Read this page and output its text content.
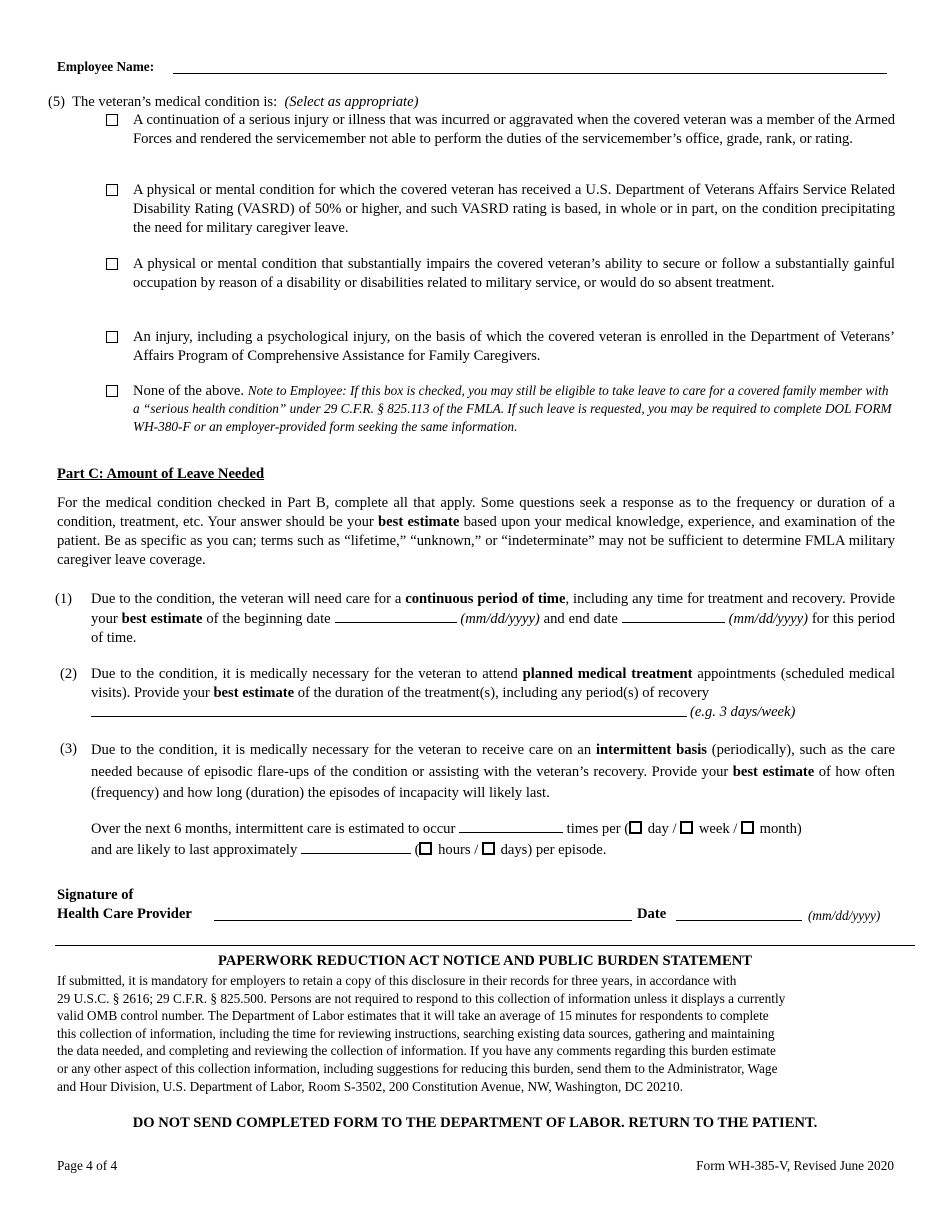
Employee Name:
(5) The veteran’s medical condition is: (Select as appropriate)
A continuation of a serious injury or illness that was incurred or aggravated when the covered veteran was a member of the Armed Forces and rendered the servicemember not able to perform the duties of the servicemember’s office, grade, rank, or rating.
A physical or mental condition for which the covered veteran has received a U.S. Department of Veterans Affairs Service Related Disability Rating (VASRD) of 50% or higher, and such VASRD rating is based, in whole or in part, on the condition precipitating the need for military caregiver leave.
A physical or mental condition that substantially impairs the covered veteran’s ability to secure or follow a substantially gainful occupation by reason of a disability or disabilities related to military service, or would do so absent treatment.
An injury, including a psychological injury, on the basis of which the covered veteran is enrolled in the Department of Veterans’ Affairs Program of Comprehensive Assistance for Family Caregivers.
None of the above. Note to Employee: If this box is checked, you may still be eligible to take leave to care for a covered family member with a “serious health condition” under 29 C.F.R. § 825.113 of the FMLA. If such leave is requested, you may be required to complete DOL FORM WH-380-F or an employer-provided form seeking the same information.
Part C: Amount of Leave Needed
For the medical condition checked in Part B, complete all that apply. Some questions seek a response as to the frequency or duration of a condition, treatment, etc. Your answer should be your best estimate based upon your medical knowledge, experience, and examination of the patient. Be as specific as you can; terms such as “lifetime,” “unknown,” or “indeterminate” may not be sufficient to determine FMLA military caregiver leave coverage.
(1) Due to the condition, the veteran will need care for a continuous period of time, including any time for treatment and recovery. Provide your best estimate of the beginning date	(mm/dd/yyyy) and end date	(mm/dd/yyyy) for this period of time.
(2) Due to the condition, it is medically necessary for the veteran to attend planned medical treatment appointments (scheduled medical visits). Provide your best estimate of the duration of the treatment(s), including any period(s) of recovery
(e.g. 3 days/week)
(3) Due to the condition, it is medically necessary for the veteran to receive care on an intermittent basis (periodically), such as the care needed because of episodic flare-ups of the condition or assisting with the veteran’s recovery. Provide your best estimate of how often (frequency) and how long (duration) the episodes of incapacity will likely last.
Over the next 6 months, intermittent care is estimated to occur	times per ( day / week / month)
and are likely to last approximately	( hours / days) per episode.
Signature of
Health Care Provider	Date	(mm/dd/yyyy)
PAPERWORK REDUCTION ACT NOTICE AND PUBLIC BURDEN STATEMENT
If submitted, it is mandatory for employers to retain a copy of this disclosure in their records for three years, in accordance with
29 U.S.C. § 2616; 29 C.F.R. § 825.500. Persons are not required to respond to this collection of information unless it displays a currently
valid OMB control number. The Department of Labor estimates that it will take an average of 15 minutes for respondents to complete
this collection of information, including the time for reviewing instructions, searching existing data sources, gathering and maintaining
the data needed, and completing and reviewing the collection of information. If you have any comments regarding this burden estimate
or any other aspect of this collection information, including suggestions for reducing this burden, send them to the Administrator, Wage
and Hour Division, U.S. Department of Labor, Room S-3502, 200 Constitution Avenue, NW, Washington, DC 20210.
DO NOT SEND COMPLETED FORM TO THE DEPARTMENT OF LABOR. RETURN TO THE PATIENT.
Page 4 of 4	Form WH-385-V, Revised June 2020
